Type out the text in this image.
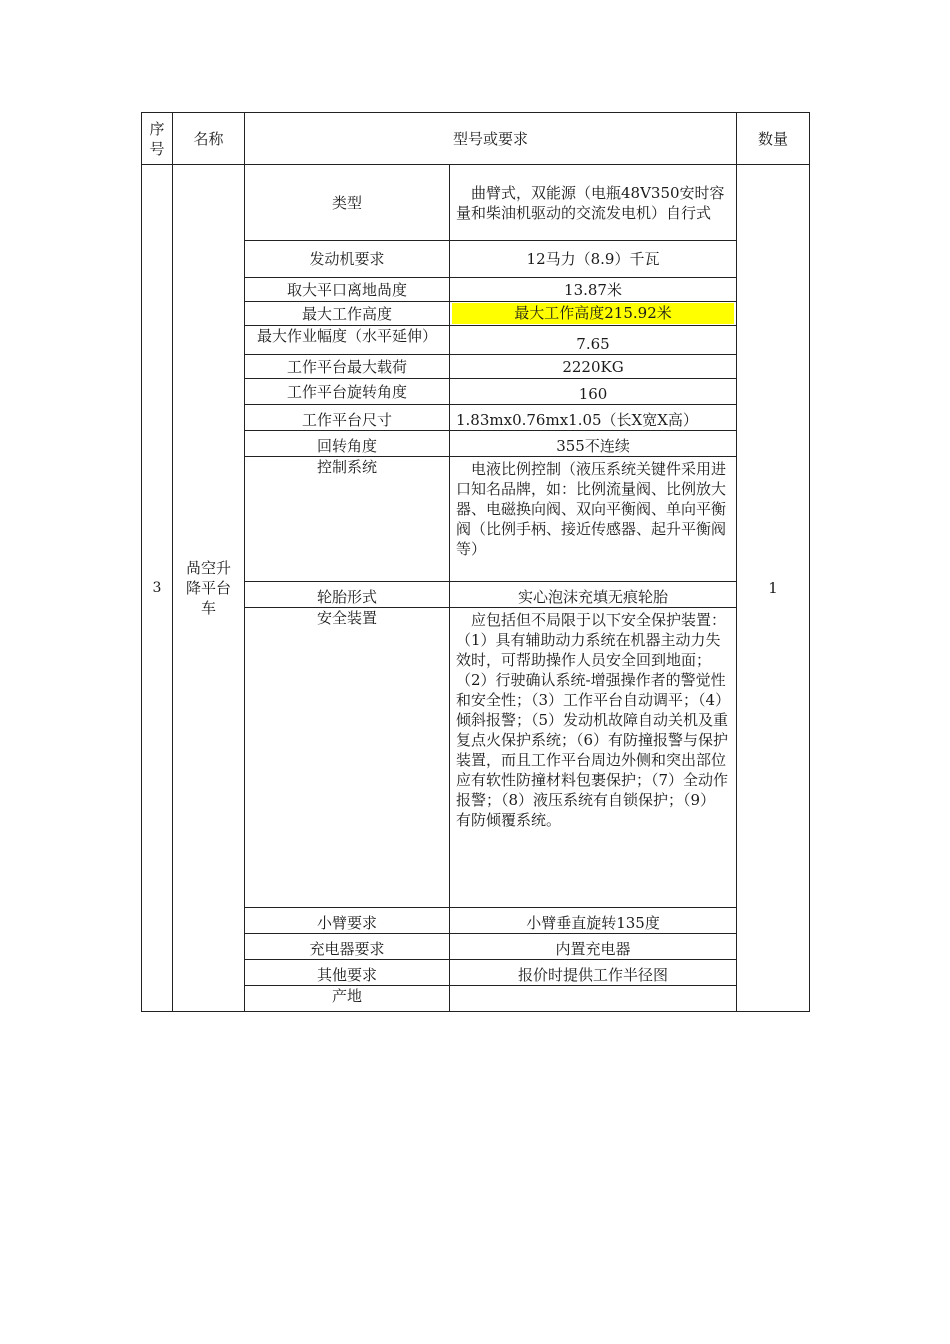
序号	名称	型号或要求		数量
3	咼空升降平台车	类型	曲臂式，双能源（电瓶48V350安时容量和柴油机驱动的交流发电机）自行式	1
		发动机要求	12马力（8.9）千瓦	
		取大平口离地咼度	13.87米	
		最大工作高度	最大工作高度215.92米	

		最大作业幅度（水平延伸）	7.65	
		工作平台最大载荷	2220KG	
		工作平台旋转角度	160	
		工作平台尺寸	1.83mx0.76mx1.05（长X宽X高）	
		回转角度	355不连续	
		控制系统	电液比例控制（液压系统关键件采用进口知名品牌，如：比例流量阀、比例放大器、电磁换向阀、双向平衡阀、单向平衡阀（比例手柄、接近传感器、起升平衡阀等）	
		轮胎形式	实心泡沫充填无痕轮胎	
		安全装置	应包括但不局限于以下安全保护装置：（1）具有辅助动力系统在机器主动力失效时，可帮助操作人员安全回到地面；（2）行驶确认系统-增强操作者的警觉性和安全性；（3）工作平台自动调平；（4）倾斜报警；（5）发动机故障自动关机及重复点火保护系统；（6）有防撞报警与保护装置，而且工作平台周边外侧和突出部位应有软性防撞材料包裹保护；（7）全动作报警；（8）液压系统有自锁保护；（9）有防倾覆系统。	
		小臂要求	小臂垂直旋转135度	
		充电器要求	内置充电器	
		其他要求	报价时提供工作半径图	
		产地		
